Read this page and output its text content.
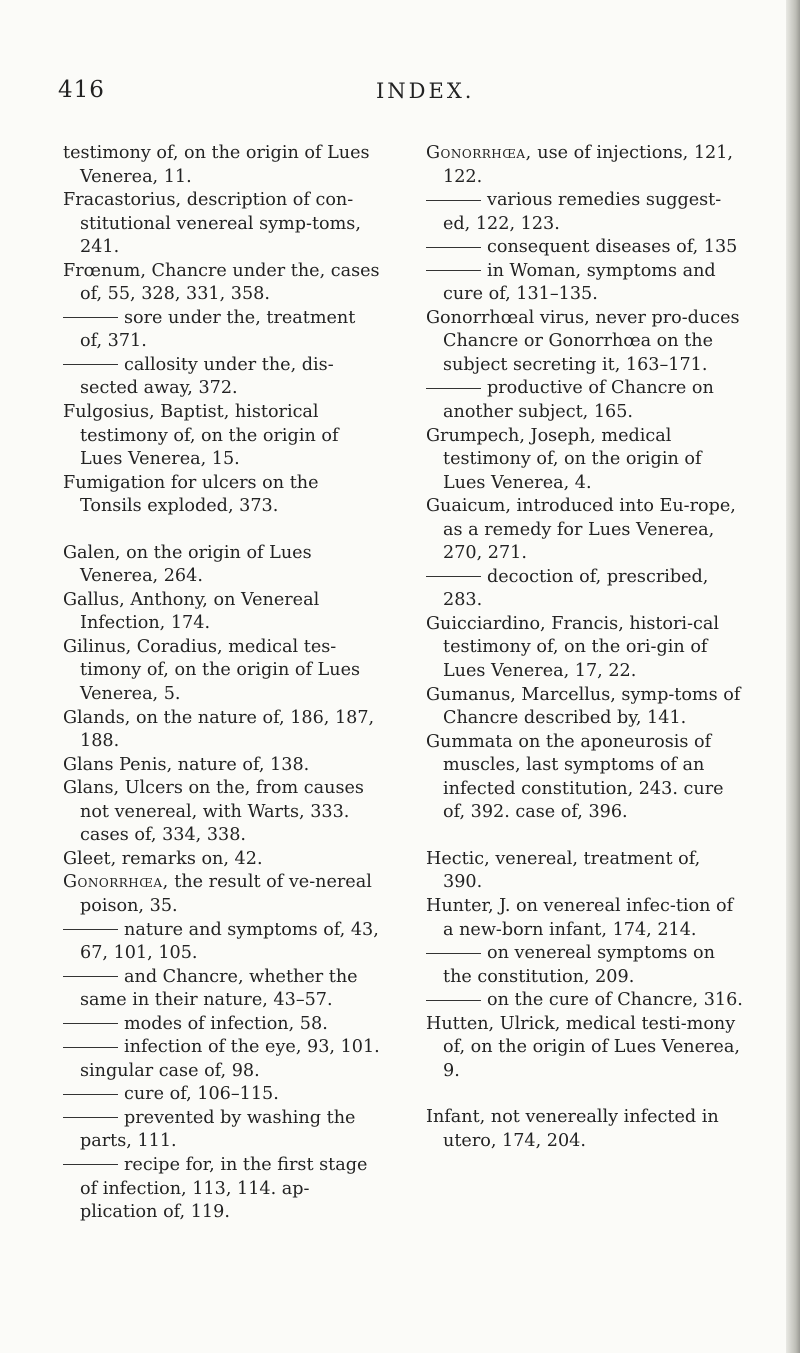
416	INDEX.

testimony of, on the origin of Lues Venerea, 11.

Fracastorius, description of con-stitutional venereal symp-toms, 241.

Frœnum, Chancre under the, cases of, 55, 328, 331, 358.

sore under the, treatment of, 371.

callosity under the, dis-sected away, 372.

Fulgosius, Baptist, historical testimony of, on the origin of Lues Venerea, 15.

Fumigation for ulcers on the Tonsils exploded, 373.

Galen, on the origin of Lues Venerea, 264.

Gallus, Anthony, on Venereal Infection, 174.

Gilinus, Coradius, medical tes-timony of, on the origin of Lues Venerea, 5.

Glands, on the nature of, 186, 187, 188.

Glans Penis, nature of, 138.

Glans, Ulcers on the, from causes not venereal, with Warts, 333. cases of, 334, 338.

Gleet, remarks on, 42.

Gonorrhœa, the result of ve-nereal poison, 35.

nature and symptoms of, 43, 67, 101, 105.

and Chancre, whether the same in their nature, 43–57.

modes of infection, 58.

infection of the eye, 93, 101. singular case of, 98.

cure of, 106–115.

prevented by washing the parts, 111.

recipe for, in the first stage of infection, 113, 114. ap-plication of, 119.

Gonorrhœa, use of injections, 121, 122.

various remedies suggest-ed, 122, 123.

consequent diseases of, 135

in Woman, symptoms and cure of, 131–135.

Gonorrhœal virus, never pro-duces Chancre or Gonorrhœa on the subject secreting it, 163–171.

productive of Chancre on another subject, 165.

Grumpech, Joseph, medical testimony of, on the origin of Lues Venerea, 4.

Guaicum, introduced into Eu-rope, as a remedy for Lues Venerea, 270, 271.

decoction of, prescribed, 283.

Guicciardino, Francis, histori-cal testimony of, on the ori-gin of Lues Venerea, 17, 22.

Gumanus, Marcellus, symp-toms of Chancre described by, 141.

Gummata on the aponeurosis of muscles, last symptoms of an infected constitution, 243. cure of, 392. case of, 396.

Hectic, venereal, treatment of, 390.

Hunter, J. on venereal infec-tion of a new-born infant, 174, 214.

on venereal symptoms on the constitution, 209.

on the cure of Chancre, 316.

Hutten, Ulrick, medical testi-mony of, on the origin of Lues Venerea, 9.

Infant, not venereally infected in utero, 174, 204.
